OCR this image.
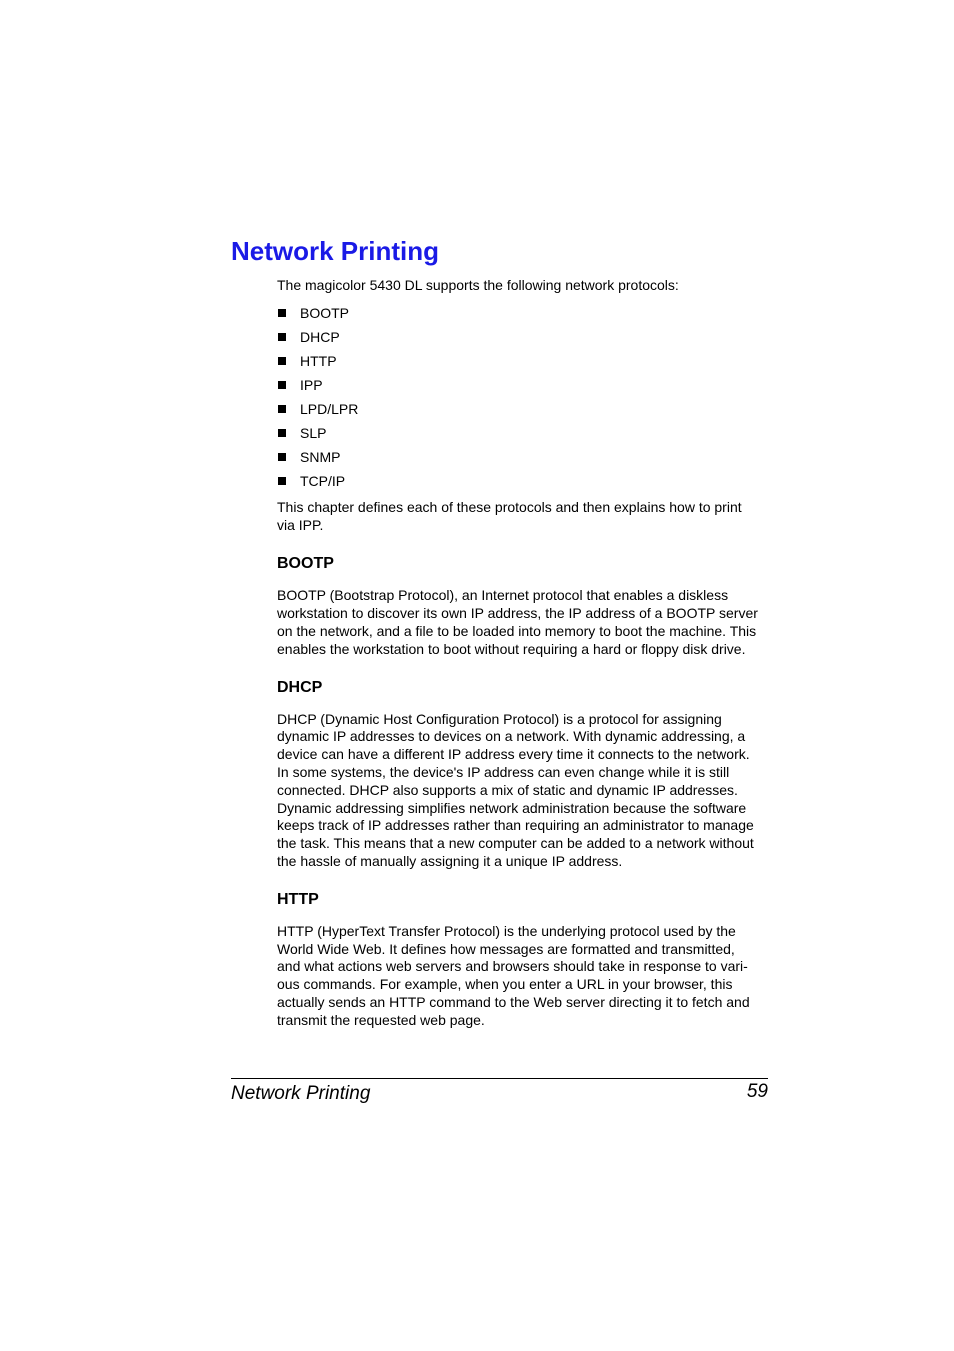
Network Printing

The magicolor 5430 DL supports the following network protocols:

BOOTP
DHCP
HTTP
IPP
LPD/LPR
SLP
SNMP
TCP/IP

This chapter defines each of these protocols and then explains how to print
via IPP.

BOOTP

BOOTP (Bootstrap Protocol), an Internet protocol that enables a diskless
workstation to discover its own IP address, the IP address of a BOOTP server
on the network, and a file to be loaded into memory to boot the machine. This
enables the workstation to boot without requiring a hard or floppy disk drive.

DHCP

DHCP (Dynamic Host Configuration Protocol) is a protocol for assigning
dynamic IP addresses to devices on a network. With dynamic addressing, a
device can have a different IP address every time it connects to the network.
In some systems, the device's IP address can even change while it is still
connected. DHCP also supports a mix of static and dynamic IP addresses.
Dynamic addressing simplifies network administration because the software
keeps track of IP addresses rather than requiring an administrator to manage
the task. This means that a new computer can be added to a network without
the hassle of manually assigning it a unique IP address.

HTTP

HTTP (HyperText Transfer Protocol) is the underlying protocol used by the
World Wide Web. It defines how messages are formatted and transmitted,
and what actions web servers and browsers should take in response to vari-
ous commands. For example, when you enter a URL in your browser, this
actually sends an HTTP command to the Web server directing it to fetch and
transmit the requested web page.

Network Printing	59
